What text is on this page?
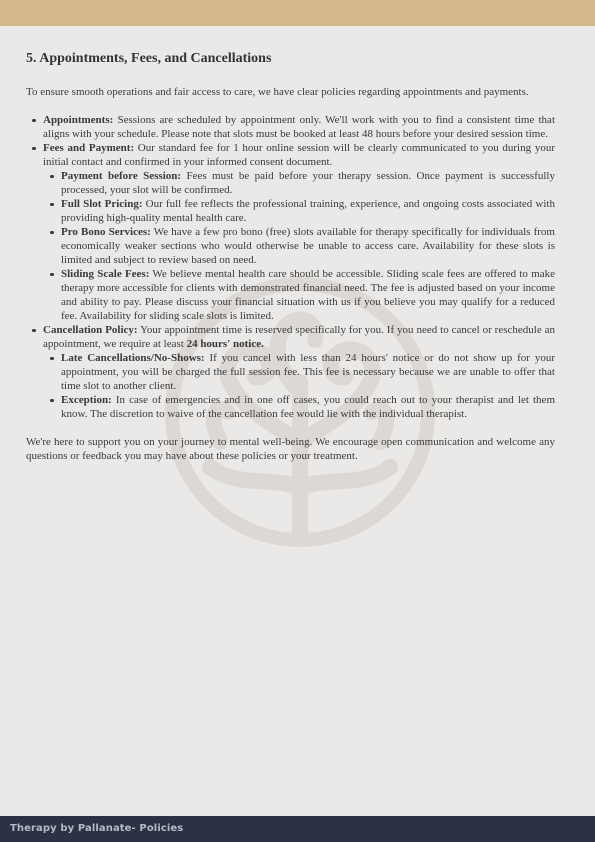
5. Appointments, Fees, and Cancellations

To ensure smooth operations and fair access to care, we have clear policies regarding appointments and payments.

Appointments: Sessions are scheduled by appointment only. We'll work with you to find a consistent time that aligns with your schedule. Please note that slots must be booked at least 48 hours before your desired session time.
Fees and Payment: Our standard fee for 1 hour online session will be clearly communicated to you during your initial contact and confirmed in your informed consent document.
Payment before Session: Fees must be paid before your therapy session. Once payment is successfully processed, your slot will be confirmed.
Full Slot Pricing: Our full fee reflects the professional training, experience, and ongoing costs associated with providing high-quality mental health care.
Pro Bono Services: We have a few pro bono (free) slots available for therapy specifically for individuals from economically weaker sections who would otherwise be unable to access care. Availability for these slots is limited and subject to review based on need.
Sliding Scale Fees: We believe mental health care should be accessible. Sliding scale fees are offered to make therapy more accessible for clients with demonstrated financial need. The fee is adjusted based on your income and ability to pay. Please discuss your financial situation with us if you believe you may qualify for a reduced fee. Availability for sliding scale slots is limited.
Cancellation Policy: Your appointment time is reserved specifically for you. If you need to cancel or reschedule an appointment, we require at least 24 hours' notice.
Late Cancellations/No-Shows: If you cancel with less than 24 hours' notice or do not show up for your appointment, you will be charged the full session fee. This fee is necessary because we are unable to offer that time slot to another client.
Exception: In case of emergencies and in one off cases, you could reach out to your therapist and let them know. The discretion to waive of the cancellation fee would lie with the individual therapist.

We're here to support you on your journey to mental well-being. We encourage open communication and welcome any questions or feedback you may have about these policies or your treatment.

Therapy by Pallanate- Policies
